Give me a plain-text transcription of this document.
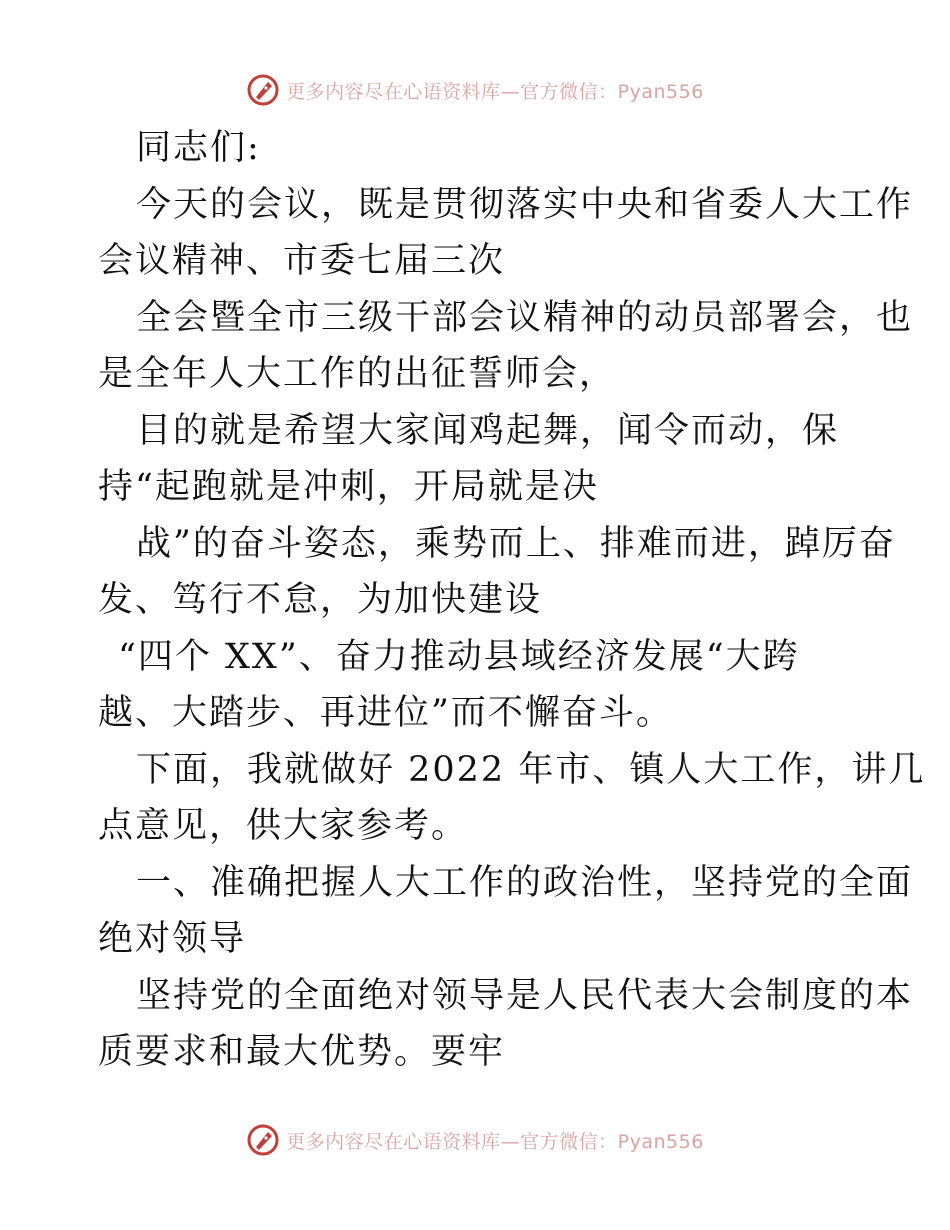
更多内容尽在心语资料库—官方微信：Pyan556
同志们:
今天的会议，既是贯彻落实中央和省委人大工作
会议精神、市委七届三次
全会暨全市三级干部会议精神的动员部署会，也
是全年人大工作的出征誓师会，
目的就是希望大家闻鸡起舞，闻令而动，保
持“起跑就是冲刺，开局就是决
战”的奋斗姿态，乘势而上、排难而进，踔厉奋
发、笃行不怠，为加快建设
“四个 XX”、奋力推动县域经济发展“大跨
越、大踏步、再进位”而不懈奋斗。
下面，我就做好 2022 年市、镇人大工作，讲几
点意见，供大家参考。
一、准确把握人大工作的政治性，坚持党的全面
绝对领导
坚持党的全面绝对领导是人民代表大会制度的本
质要求和最大优势。要牢
更多内容尽在心语资料库—官方微信：Pyan556
